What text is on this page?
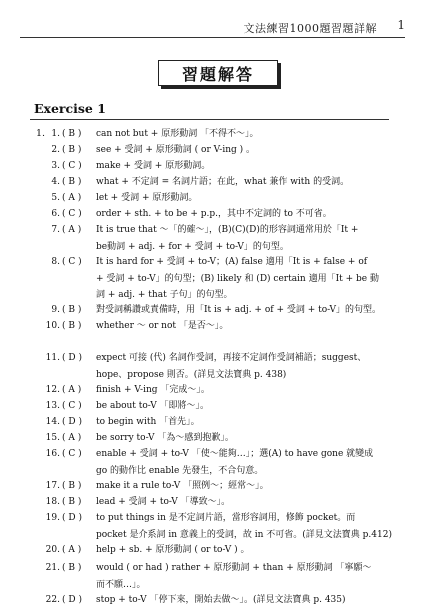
文法練習1000題習題詳解 1
習題解答
Exercise 1
1. 1. ( B ) can not but + 原形動詞 「不得不～」。
2. ( B ) see + 受詞 + 原形動詞 ( or V-ing ) 。
3. ( C ) make + 受詞 + 原形動詞。
4. ( B ) what + 不定詞 = 名詞片語；在此，what 兼作 with 的受詞。
5. ( A ) let + 受詞 + 原形動詞。
6. ( C ) order + sth. + to be + p.p.，其中不定詞的 to 不可省。
7. ( A ) It is true that ～「的確～」，(B)(C)(D)的形容詞通常用於「It +
be動詞 + adj. + for + 受詞 + to-V」的句型。
8. ( C ) It is hard for + 受詞 + to-V；(A) false 適用「It is + false + of
+ 受詞 + to-V」的句型；(B) likely 和 (D) certain 適用「It + be 動
詞 + adj. + that 子句」的句型。
9. ( B ) 對受詞稱讚或責備時，用「It is + adj. + of + 受詞 + to-V」的句型。
10. ( B ) whether ～ or not 「是否～」。
11. ( D ) expect 可接 (代) 名詞作受詞，再接不定詞作受詞補語；suggest、
hope、propose 則否。(詳見文法寶典 p. 438)
12. ( A ) finish + V-ing 「完成～」。
13. ( C ) be about to-V 「即將～」。
14. ( D ) to begin with 「首先」。
15. ( A ) be sorry to-V 「為～感到抱歉」。
16. ( C ) enable + 受詞 + to-V 「使～能夠…」；選(A) to have gone 就變成
go 的動作比 enable 先發生，不合句意。
17. ( B ) make it a rule to-V 「照例～；經常～」。
18. ( B ) lead + 受詞 + to-V 「導致～」。
19. ( D ) to put things in 是不定詞片語，當形容詞用，修飾 pocket。而
pocket 是介系詞 in 意義上的受詞，故 in 不可省。(詳見文法寶典 p.412)
20. ( A ) help + sb. + 原形動詞 ( or to-V ) 。
21. ( B ) would ( or had ) rather + 原形動詞 + than + 原形動詞 「寧願～
而不願…」。
22. ( D ) stop + to-V 「停下來，開始去做～」。(詳見文法寶典 p. 435)
